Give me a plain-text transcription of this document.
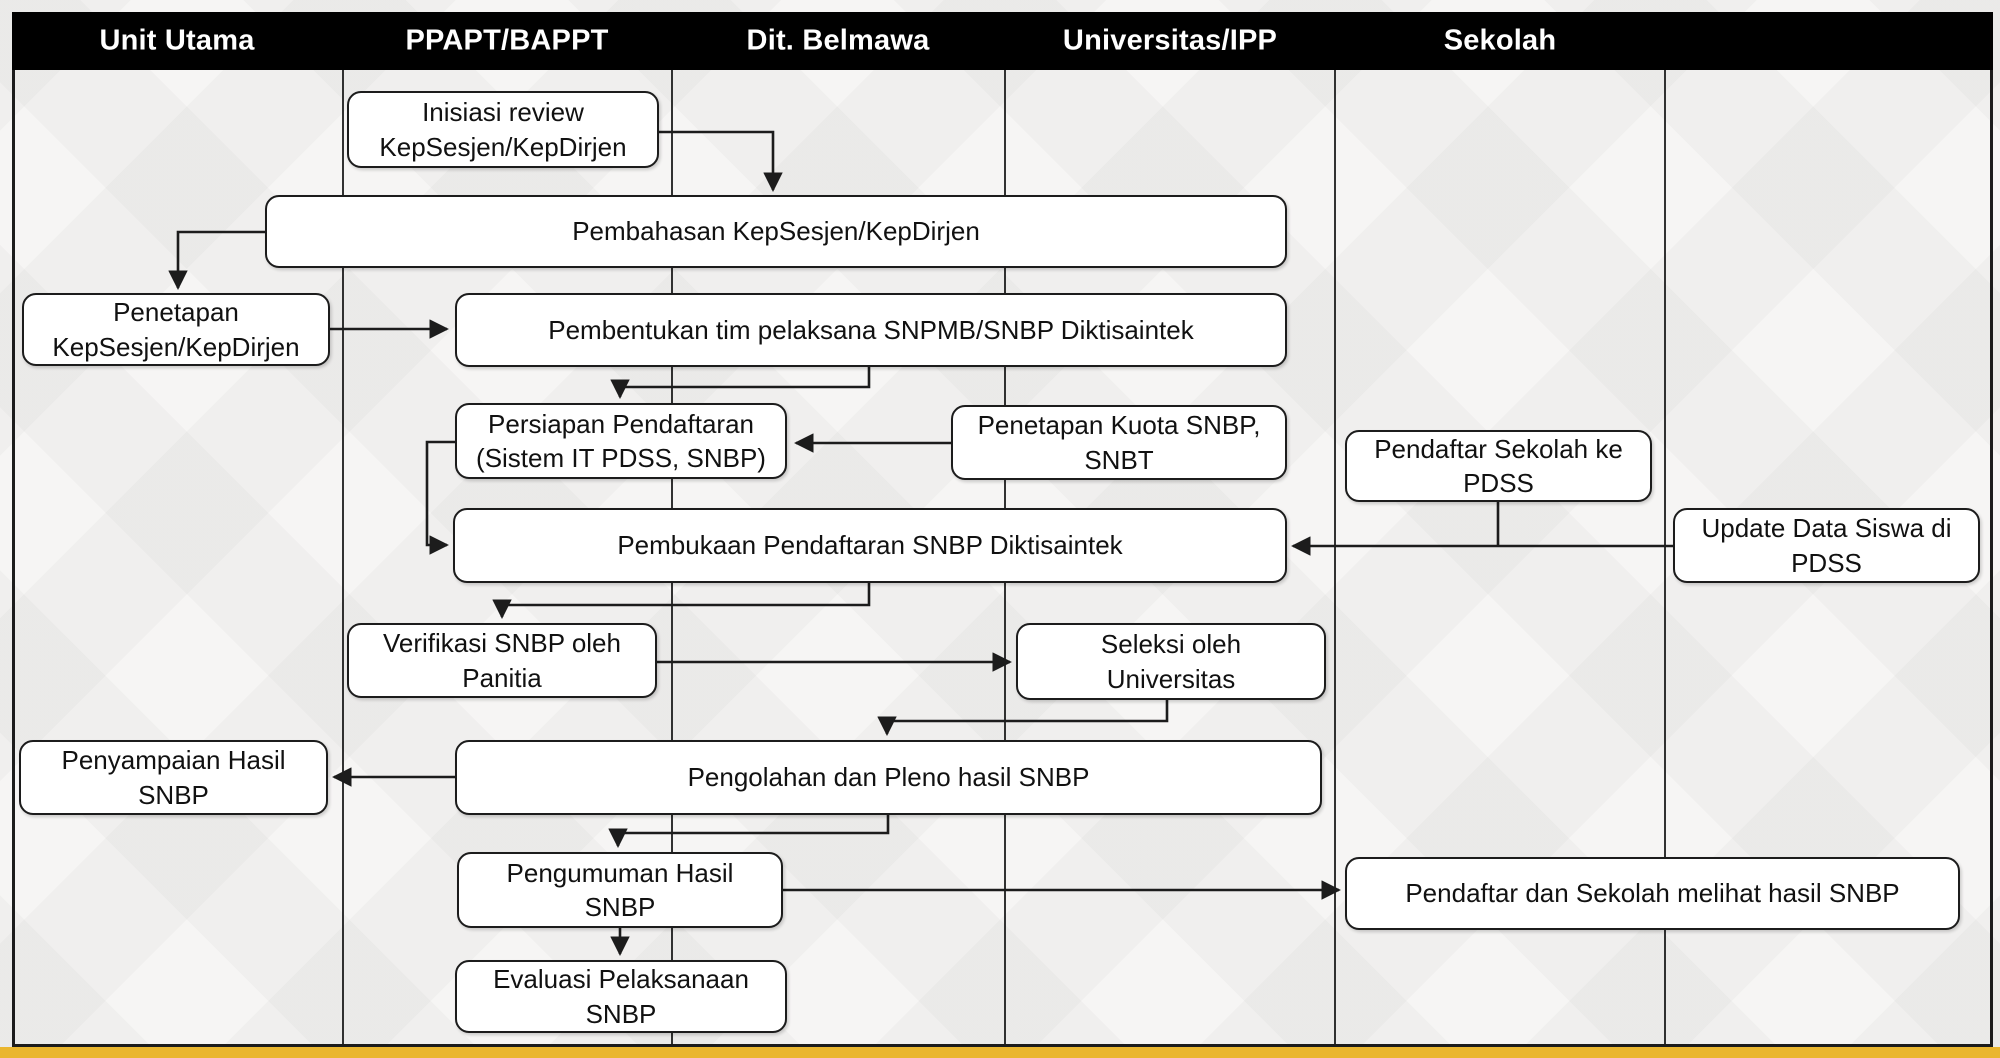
Unit Utama	PPAPT/BAPPT	Dit. Belmawa	Universitas/IPP	Sekolah
Inisiasi review KepSesjen/KepDirjen
Pembahasan KepSesjen/KepDirjen
Penetapan KepSesjen/KepDirjen
Pembentukan tim pelaksana SNPMB/SNBP Diktisaintek
Persiapan Pendaftaran (Sistem IT PDSS, SNBP)
Penetapan Kuota SNBP, SNBT	Pendaftar Sekolah ke PDSS
Pembukaan Pendaftaran SNBP Diktisaintek
Update Data Siswa di PDSS
Verifikasi SNBP oleh Panitia
Seleksi oleh Universitas
Penyampaian Hasil SNBP
Pengolahan dan Pleno hasil SNBP
Pengumuman Hasil SNBP	Pendaftar dan Sekolah melihat hasil SNBP
Evaluasi Pelaksanaan SNBP
